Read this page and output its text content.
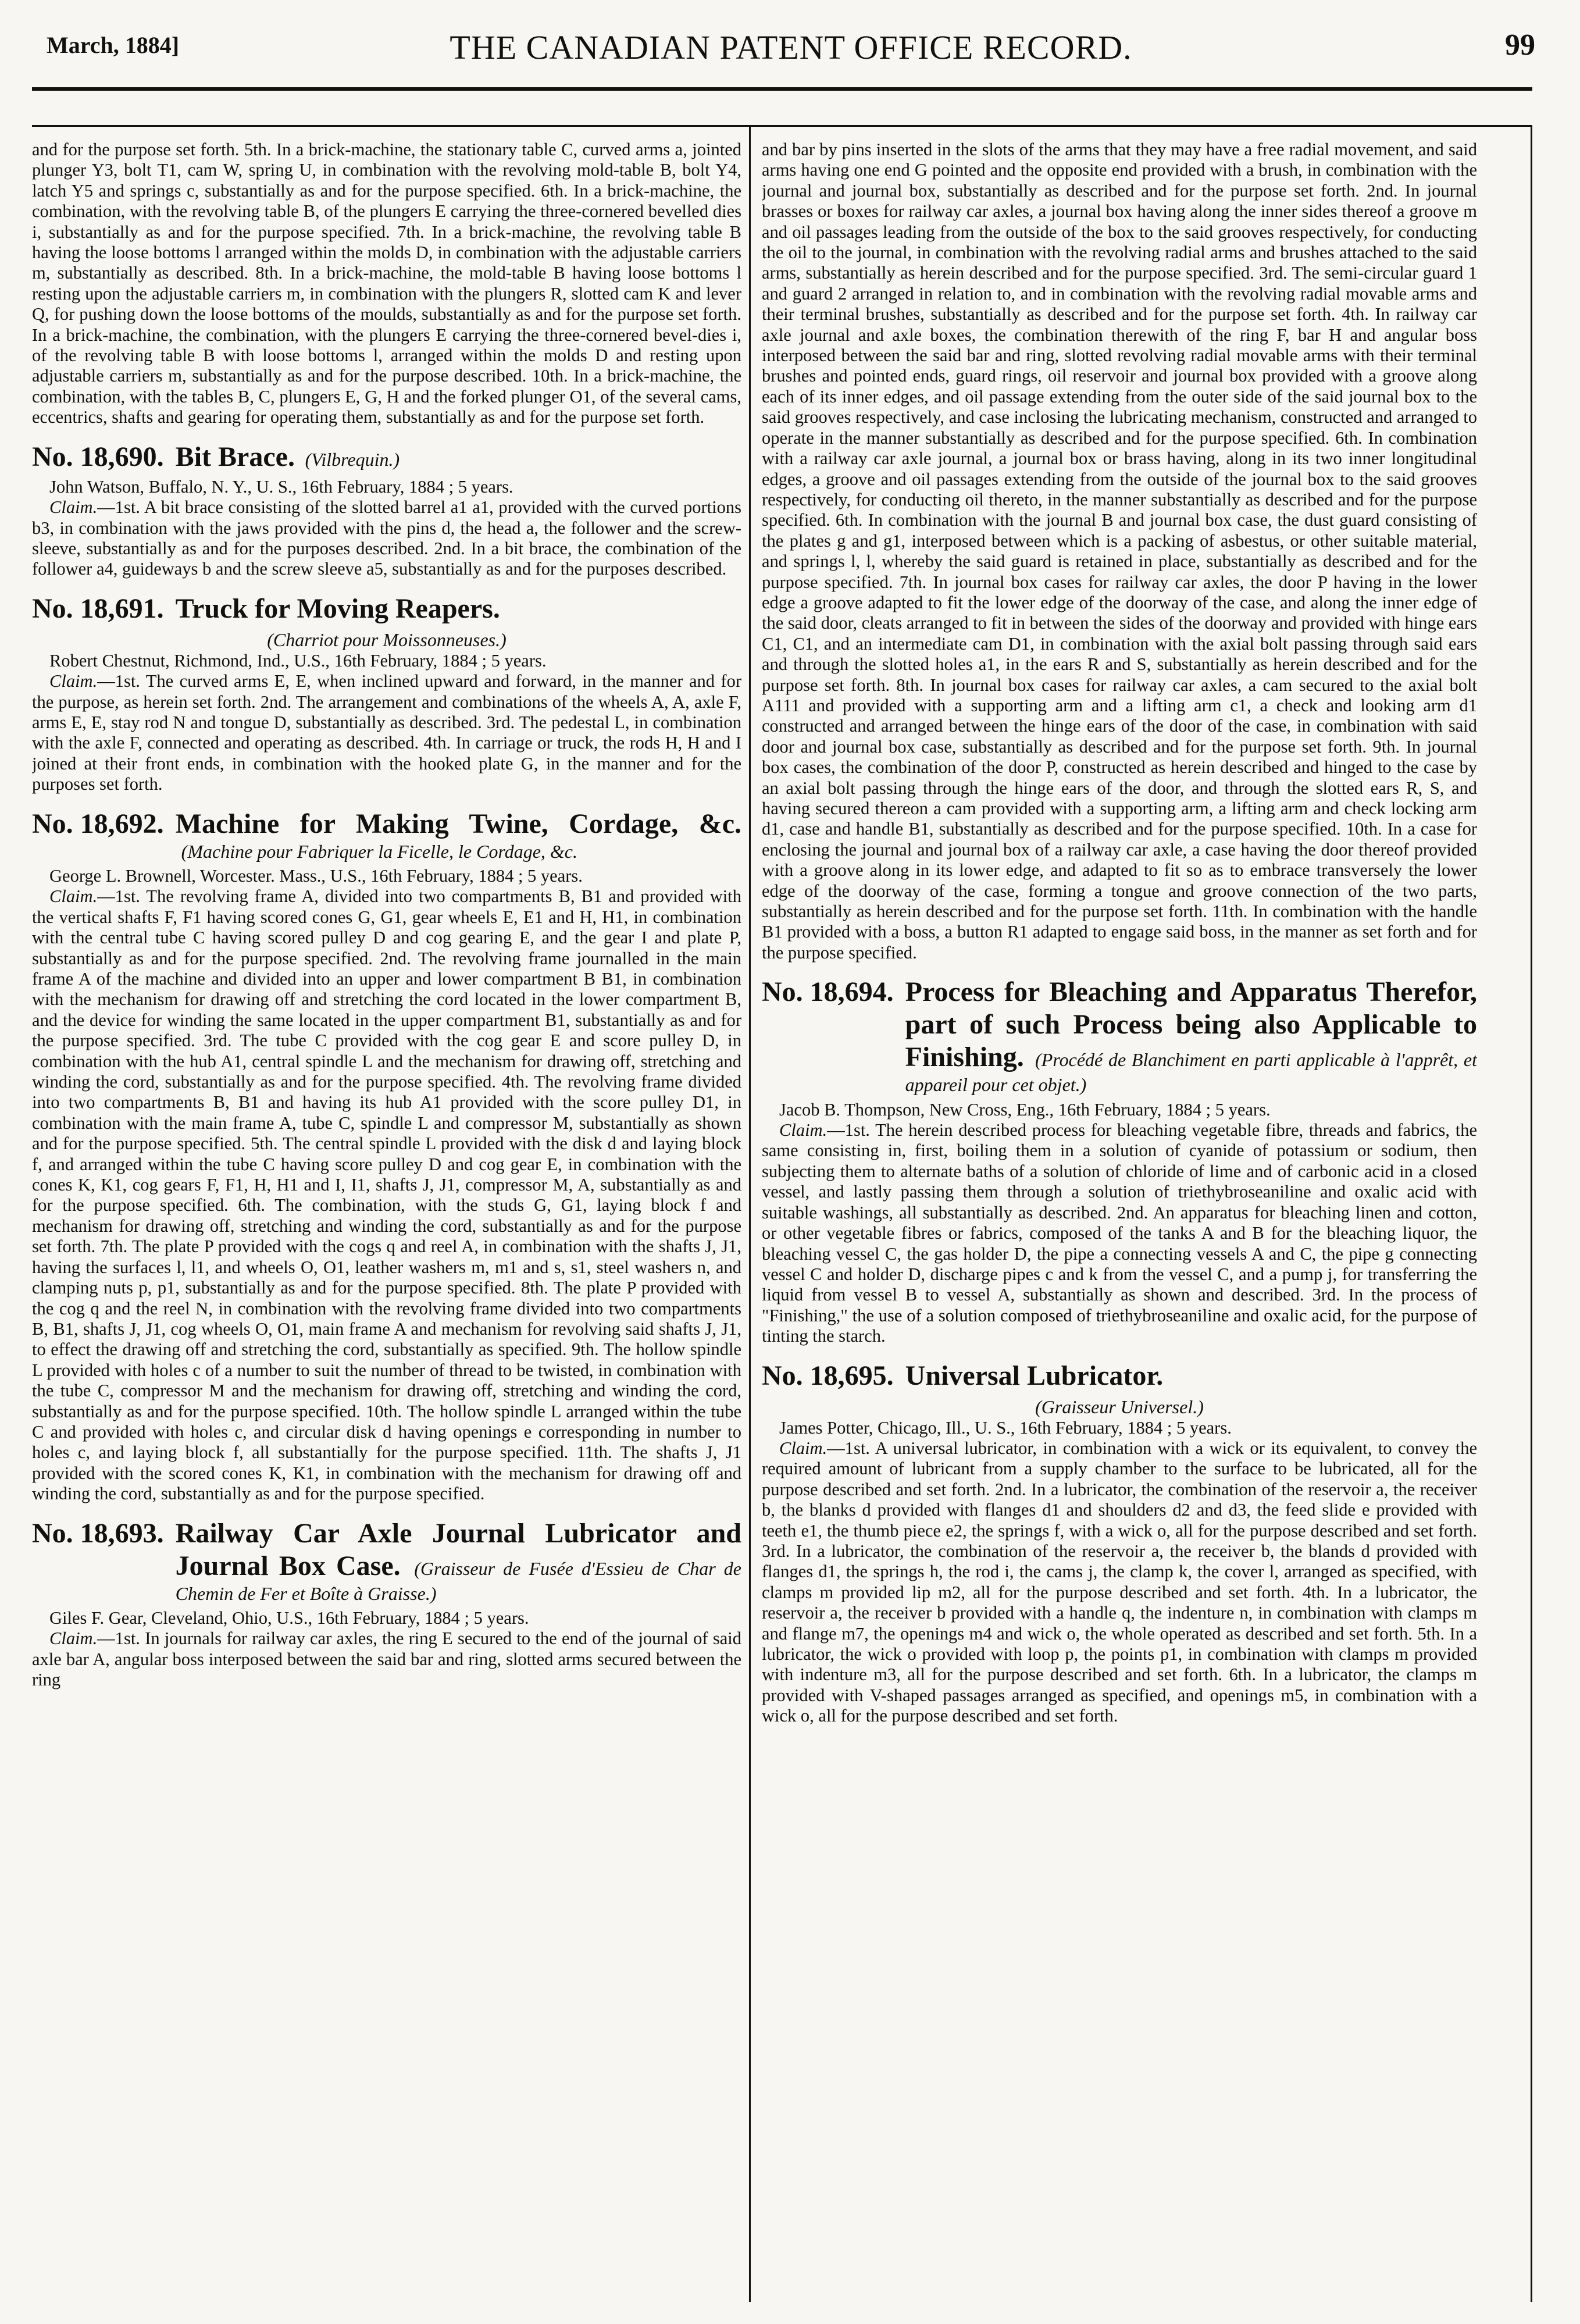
March, 1884]	THE CANADIAN PATENT OFFICE RECORD.	99

and for the purpose set forth. 5th. In a brick-machine, the stationary table C, curved arms a, jointed plunger Y3, bolt T1, cam W, spring U, in combination with the revolving mold-table B, bolt Y4, latch Y5 and springs c, substantially as and for the purpose specified. 6th. In a brick-machine, the combination, with the revolving table B, of the plungers E carrying the three-cornered bevelled dies i, substantially as and for the purpose specified. 7th. In a brick-machine, the revolving table B having the loose bottoms l arranged within the molds D, in combination with the adjustable carriers m, substantially as described. 8th. In a brick-machine, the mold-table B having loose bottoms l resting upon the adjustable carriers m, in combination with the plungers R, slotted cam K and lever Q, for pushing down the loose bottoms of the moulds, substantially as and for the purpose set forth. In a brick-machine, the combination, with the plungers E carrying the three-cornered bevel-dies i, of the revolving table B with loose bottoms l, arranged within the molds D and resting upon adjustable carriers m, substantially as and for the purpose described. 10th. In a brick-machine, the combination, with the tables B, C, plungers E, G, H and the forked plunger O1, of the several cams, eccentrics, shafts and gearing for operating them, substantially as and for the purpose set forth.

No. 18,690. Bit Brace. (Vilbrequin.)

John Watson, Buffalo, N. Y., U. S., 16th February, 1884 ; 5 years.

Claim.—1st. A bit brace consisting of the slotted barrel a1 a1, provided with the curved portions b3, in combination with the jaws provided with the pins d, the head a, the follower and the screw-sleeve, substantially as and for the purposes described. 2nd. In a bit brace, the combination of the follower a4, guideways b and the screw sleeve a5, substantially as and for the purposes described.

No. 18,691. Truck for Moving Reapers.
(Charriot pour Moissonneuses.)

Robert Chestnut, Richmond, Ind., U.S., 16th February, 1884 ; 5 years.

Claim.—1st. The curved arms E, E, when inclined upward and forward, in the manner and for the purpose, as herein set forth. 2nd. The arrangement and combinations of the wheels A, A, axle F, arms E, E, stay rod N and tongue D, substantially as described. 3rd. The pedestal L, in combination with the axle F, connected and operating as described. 4th. In carriage or truck, the rods H, H and I joined at their front ends, in combination with the hooked plate G, in the manner and for the purposes set forth.

No. 18,692. Machine for Making Twine, Cordage, &c. (Machine pour Fabriquer la Ficelle, le Cordage, &c.

George L. Brownell, Worcester. Mass., U.S., 16th February, 1884 ; 5 years.

Claim.—1st. The revolving frame A, divided into two compartments B, B1 and provided with the vertical shafts F, F1 having scored cones G, G1, gear wheels E, E1 and H, H1, in combination with the central tube C having scored pulley D and cog gearing E, and the gear I and plate P, substantially as and for the purpose specified. 2nd. The revolving frame journalled in the main frame A of the machine and divided into an upper and lower compartment B B1, in combination with the mechanism for drawing off and stretching the cord located in the lower compartment B, and the device for winding the same located in the upper compartment B1, substantially as and for the purpose specified. 3rd. The tube C provided with the cog gear E and score pulley D, in combination with the hub A1, central spindle L and the mechanism for drawing off, stretching and winding the cord, substantially as and for the purpose specified. 4th. The revolving frame divided into two compartments B, B1 and having its hub A1 provided with the score pulley D1, in combination with the main frame A, tube C, spindle L and compressor M, substantially as shown and for the purpose specified. 5th. The central spindle L provided with the disk d and laying block f, and arranged within the tube C having score pulley D and cog gear E, in combination with the cones K, K1, cog gears F, F1, H, H1 and I, I1, shafts J, J1, compressor M, A, substantially as and for the purpose specified. 6th. The combination, with the studs G, G1, laying block f and mechanism for drawing off, stretching and winding the cord, substantially as and for the purpose set forth. 7th. The plate P provided with the cogs q and reel A, in combination with the shafts J, J1, having the surfaces l, l1, and wheels O, O1, leather washers m, m1 and s, s1, steel washers n, and clamping nuts p, p1, substantially as and for the purpose specified. 8th. The plate P provided with the cog q and the reel N, in combination with the revolving frame divided into two compartments B, B1, shafts J, J1, cog wheels O, O1, main frame A and mechanism for revolving said shafts J, J1, to effect the drawing off and stretching the cord, substantially as specified. 9th. The hollow spindle L provided with holes c of a number to suit the number of thread to be twisted, in combination with the tube C, compressor M and the mechanism for drawing off, stretching and winding the cord, substantially as and for the purpose specified. 10th. The hollow spindle L arranged within the tube C and provided with holes c, and circular disk d having openings e corresponding in number to holes c, and laying block f, all substantially for the purpose specified. 11th. The shafts J, J1 provided with the scored cones K, K1, in combination with the mechanism for drawing off and winding the cord, substantially as and for the purpose specified.

No. 18,693. Railway Car Axle Journal Lubricator and Journal Box Case. (Graisseur de Fusée d'Essieu de Char de Chemin de Fer et Boîte à Graisse.)

Giles F. Gear, Cleveland, Ohio, U.S., 16th February, 1884 ; 5 years.

Claim.—1st. In journals for railway car axles, the ring E secured to the end of the journal of said axle bar A, angular boss interposed between the said bar and ring, slotted arms secured between the ring

and bar by pins inserted in the slots of the arms that they may have a free radial movement, and said arms having one end G pointed and the opposite end provided with a brush, in combination with the journal and journal box, substantially as described and for the purpose set forth. 2nd. In journal brasses or boxes for railway car axles, a journal box having along the inner sides thereof a groove m and oil passages leading from the outside of the box to the said grooves respectively, for conducting the oil to the journal, in combination with the revolving radial arms and brushes attached to the said arms, substantially as herein described and for the purpose specified. 3rd. The semi-circular guard 1 and guard 2 arranged in relation to, and in combination with the revolving radial movable arms and their terminal brushes, substantially as described and for the purpose set forth. 4th. In railway car axle journal and axle boxes, the combination therewith of the ring F, bar H and angular boss interposed between the said bar and ring, slotted revolving radial movable arms with their terminal brushes and pointed ends, guard rings, oil reservoir and journal box provided with a groove along each of its inner edges, and oil passage extending from the outer side of the said journal box to the said grooves respectively, and case inclosing the lubricating mechanism, constructed and arranged to operate in the manner substantially as described and for the purpose specified. 6th. In combination with a railway car axle journal, a journal box or brass having, along in its two inner longitudinal edges, a groove and oil passages extending from the outside of the journal box to the said grooves respectively, for conducting oil thereto, in the manner substantially as described and for the purpose specified. 6th. In combination with the journal B and journal box case, the dust guard consisting of the plates g and g1, interposed between which is a packing of asbestus, or other suitable material, and springs l, l, whereby the said guard is retained in place, substantially as described and for the purpose specified. 7th. In journal box cases for railway car axles, the door P having in the lower edge a groove adapted to fit the lower edge of the doorway of the case, and along the inner edge of the said door, cleats arranged to fit in between the sides of the doorway and provided with hinge ears C1, C1, and an intermediate cam D1, in combination with the axial bolt passing through said ears and through the slotted holes a1, in the ears R and S, substantially as herein described and for the purpose set forth. 8th. In journal box cases for railway car axles, a cam secured to the axial bolt A111 and provided with a supporting arm and a lifting arm c1, a check and looking arm d1 constructed and arranged between the hinge ears of the door of the case, in combination with said door and journal box case, substantially as described and for the purpose set forth. 9th. In journal box cases, the combination of the door P, constructed as herein described and hinged to the case by an axial bolt passing through the hinge ears of the door, and through the slotted ears R, S, and having secured thereon a cam provided with a supporting arm, a lifting arm and check locking arm d1, case and handle B1, substantially as described and for the purpose specified. 10th. In a case for enclosing the journal and journal box of a railway car axle, a case having the door thereof provided with a groove along in its lower edge, and adapted to fit so as to embrace transversely the lower edge of the doorway of the case, forming a tongue and groove connection of the two parts, substantially as herein described and for the purpose set forth. 11th. In combination with the handle B1 provided with a boss, a button R1 adapted to engage said boss, in the manner as set forth and for the purpose specified.

No. 18,694. Process for Bleaching and Apparatus Therefor, part of such Process being also Applicable to Finishing. (Procédé de Blanchiment en parti applicable à l'apprêt, et appareil pour cet objet.)

Jacob B. Thompson, New Cross, Eng., 16th February, 1884 ; 5 years.

Claim.—1st. The herein described process for bleaching vegetable fibre, threads and fabrics, the same consisting in, first, boiling them in a solution of cyanide of potassium or sodium, then subjecting them to alternate baths of a solution of chloride of lime and of carbonic acid in a closed vessel, and lastly passing them through a solution of triethybroseaniline and oxalic acid with suitable washings, all substantially as described. 2nd. An apparatus for bleaching linen and cotton, or other vegetable fibres or fabrics, composed of the tanks A and B for the bleaching liquor, the bleaching vessel C, the gas holder D, the pipe a connecting vessels A and C, the pipe g connecting vessel C and holder D, discharge pipes c and k from the vessel C, and a pump j, for transferring the liquid from vessel B to vessel A, substantially as shown and described. 3rd. In the process of "Finishing," the use of a solution composed of triethybroseaniline and oxalic acid, for the purpose of tinting the starch.

No. 18,695. Universal Lubricator.
(Graisseur Universel.)

James Potter, Chicago, Ill., U. S., 16th February, 1884 ; 5 years.

Claim.—1st. A universal lubricator, in combination with a wick or its equivalent, to convey the required amount of lubricant from a supply chamber to the surface to be lubricated, all for the purpose described and set forth. 2nd. In a lubricator, the combination of the reservoir a, the receiver b, the blanks d provided with flanges d1 and shoulders d2 and d3, the feed slide e provided with teeth e1, the thumb piece e2, the springs f, with a wick o, all for the purpose described and set forth. 3rd. In a lubricator, the combination of the reservoir a, the receiver b, the blands d provided with flanges d1, the springs h, the rod i, the cams j, the clamp k, the cover l, arranged as specified, with clamps m provided lip m2, all for the purpose described and set forth. 4th. In a lubricator, the reservoir a, the receiver b provided with a handle q, the indenture n, in combination with clamps m and flange m7, the openings m4 and wick o, the whole operated as described and set forth. 5th. In a lubricator, the wick o provided with loop p, the points p1, in combination with clamps m provided with indenture m3, all for the purpose described and set forth. 6th. In a lubricator, the clamps m provided with V-shaped passages arranged as specified, and openings m5, in combination with a wick o, all for the purpose described and set forth.
